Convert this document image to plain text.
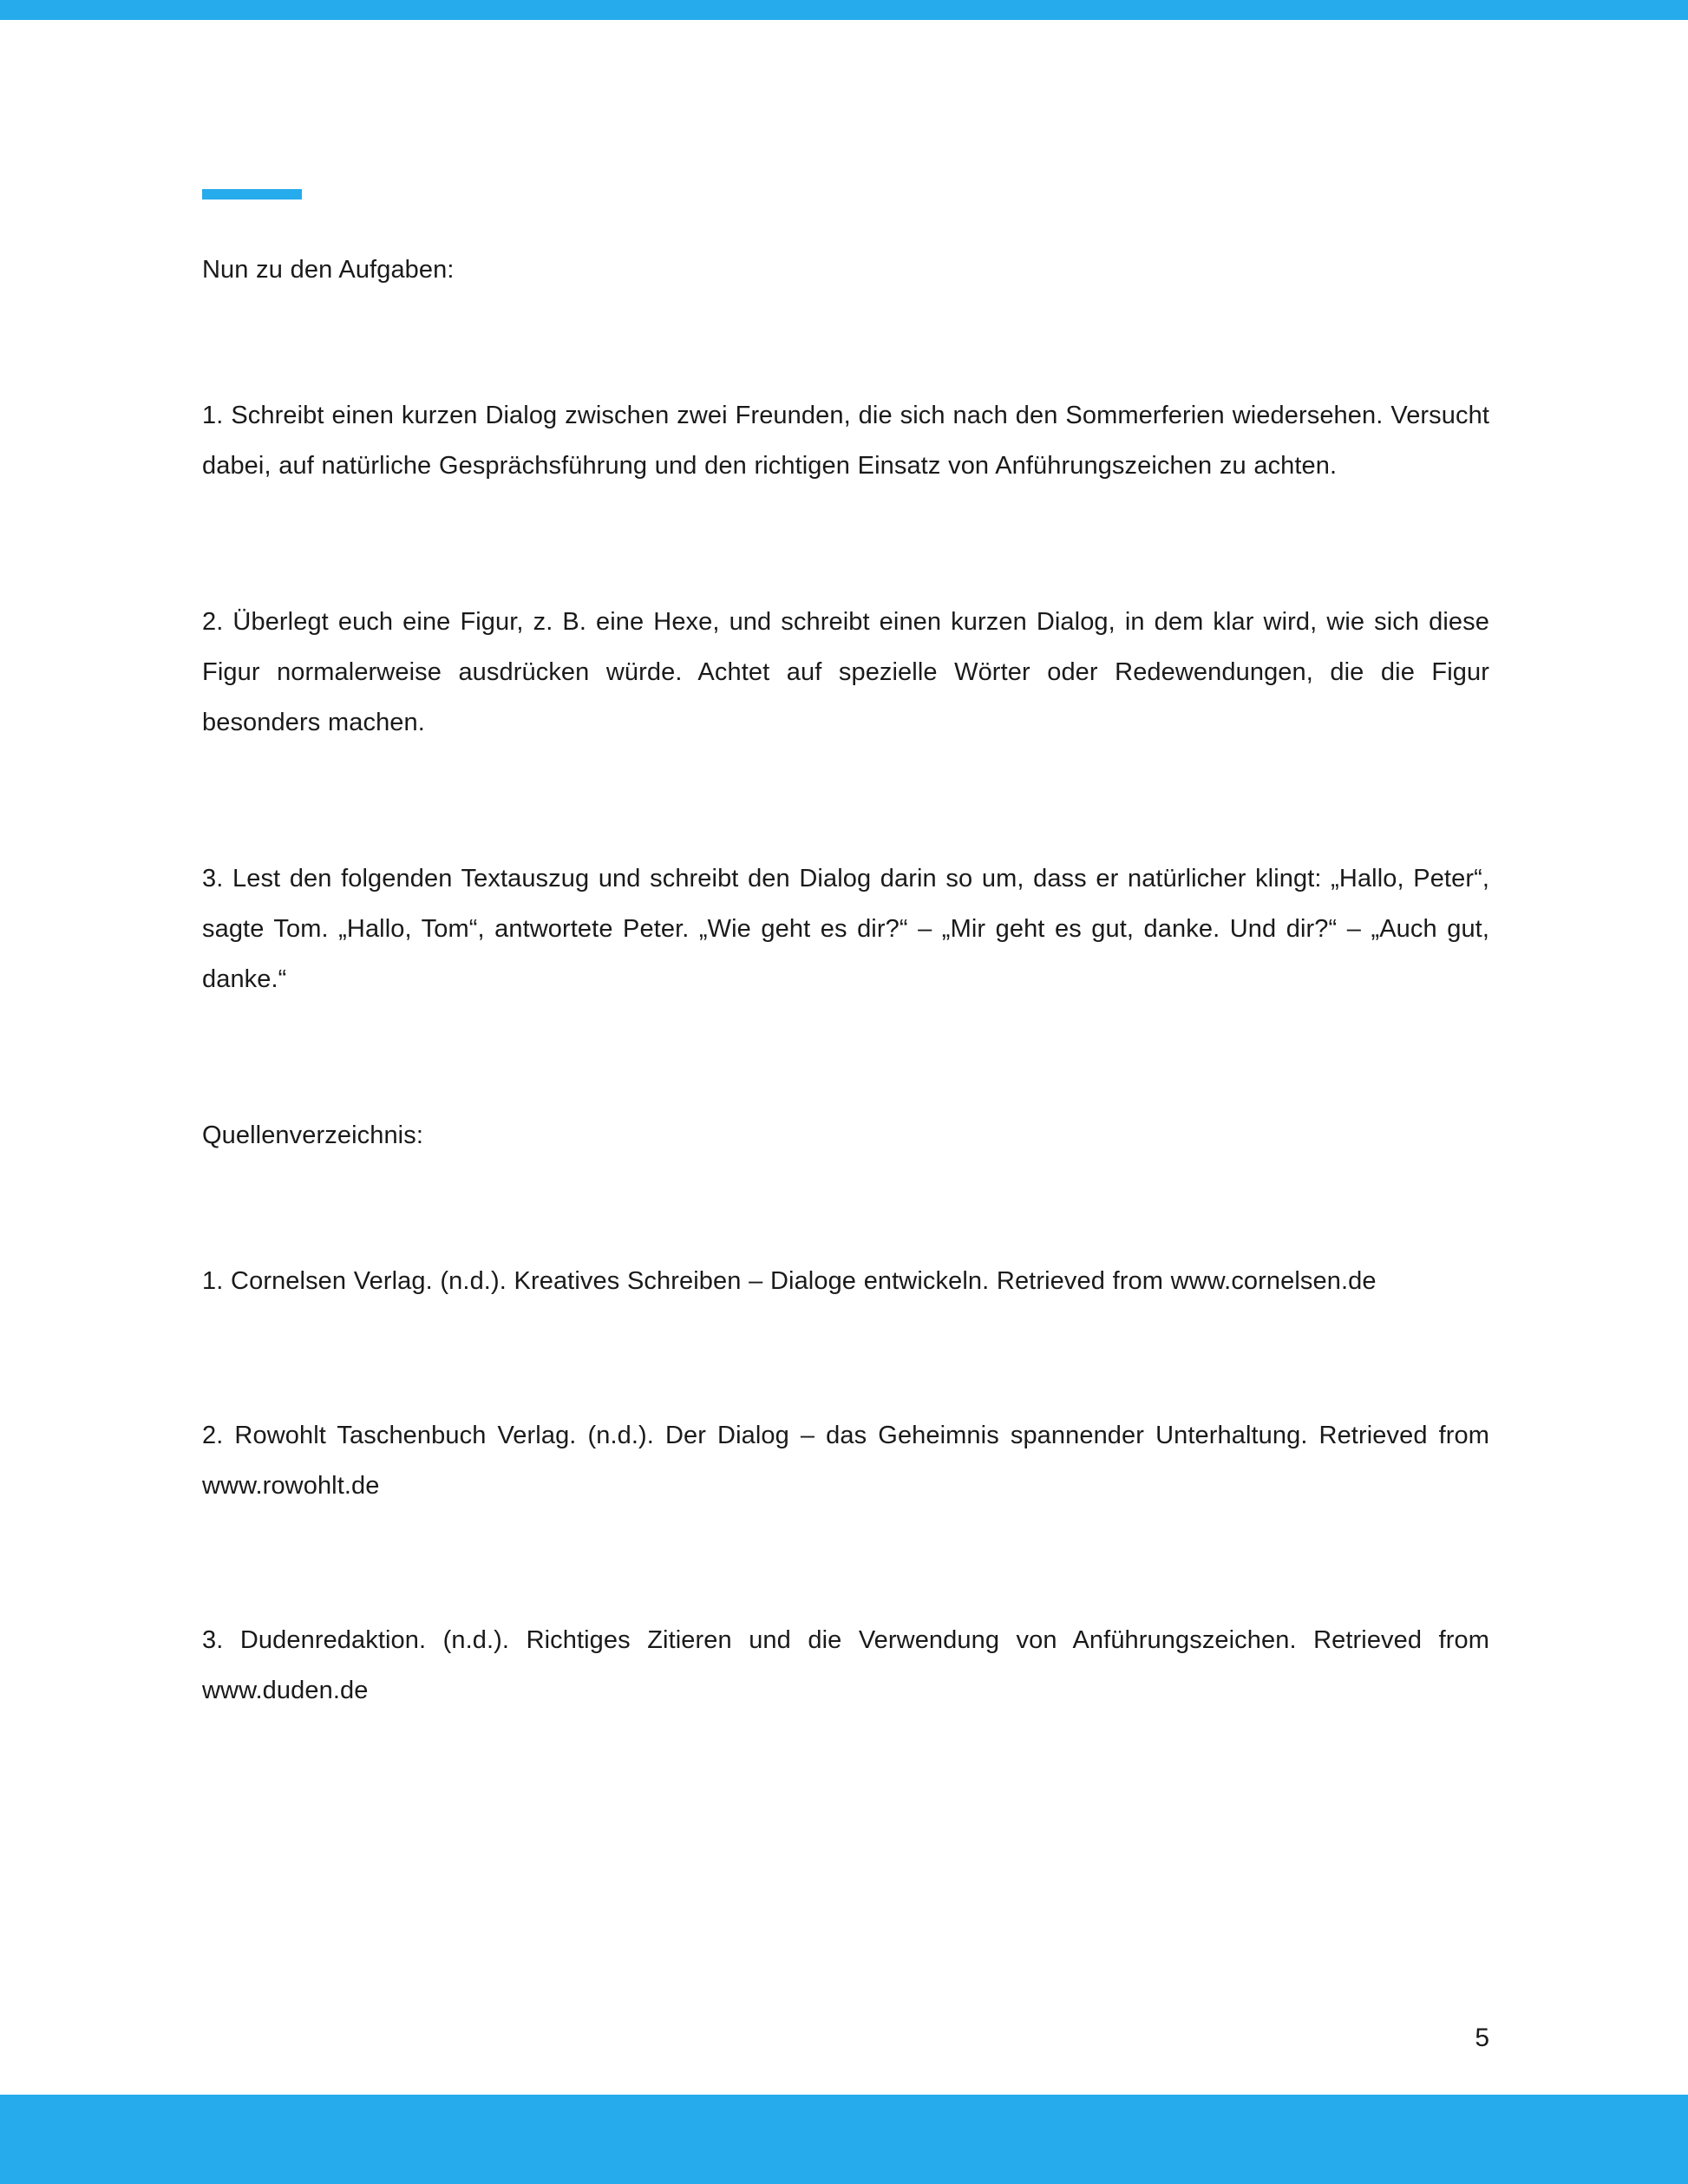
Nun zu den Aufgaben:

1. Schreibt einen kurzen Dialog zwischen zwei Freunden, die sich nach den Sommerferien wiedersehen. Versucht dabei, auf natürliche Gesprächsführung und den richtigen Einsatz von Anführungszeichen zu achten.

2. Überlegt euch eine Figur, z. B. eine Hexe, und schreibt einen kurzen Dialog, in dem klar wird, wie sich diese Figur normalerweise ausdrücken würde. Achtet auf spezielle Wörter oder Redewendungen, die die Figur besonders machen.

3. Lest den folgenden Textauszug und schreibt den Dialog darin so um, dass er natürlicher klingt: „Hallo, Peter“, sagte Tom. „Hallo, Tom“, antwortete Peter. „Wie geht es dir?“ – „Mir geht es gut, danke. Und dir?“ – „Auch gut, danke.“

Quellenverzeichnis:

1. Cornelsen Verlag. (n.d.). Kreatives Schreiben – Dialoge entwickeln. Retrieved from www.cornelsen.de

2. Rowohlt Taschenbuch Verlag. (n.d.). Der Dialog – das Geheimnis spannender Unterhaltung. Retrieved from www.rowohlt.de

3. Dudenredaktion. (n.d.). Richtiges Zitieren und die Verwendung von Anführungszeichen. Retrieved from www.duden.de

5
